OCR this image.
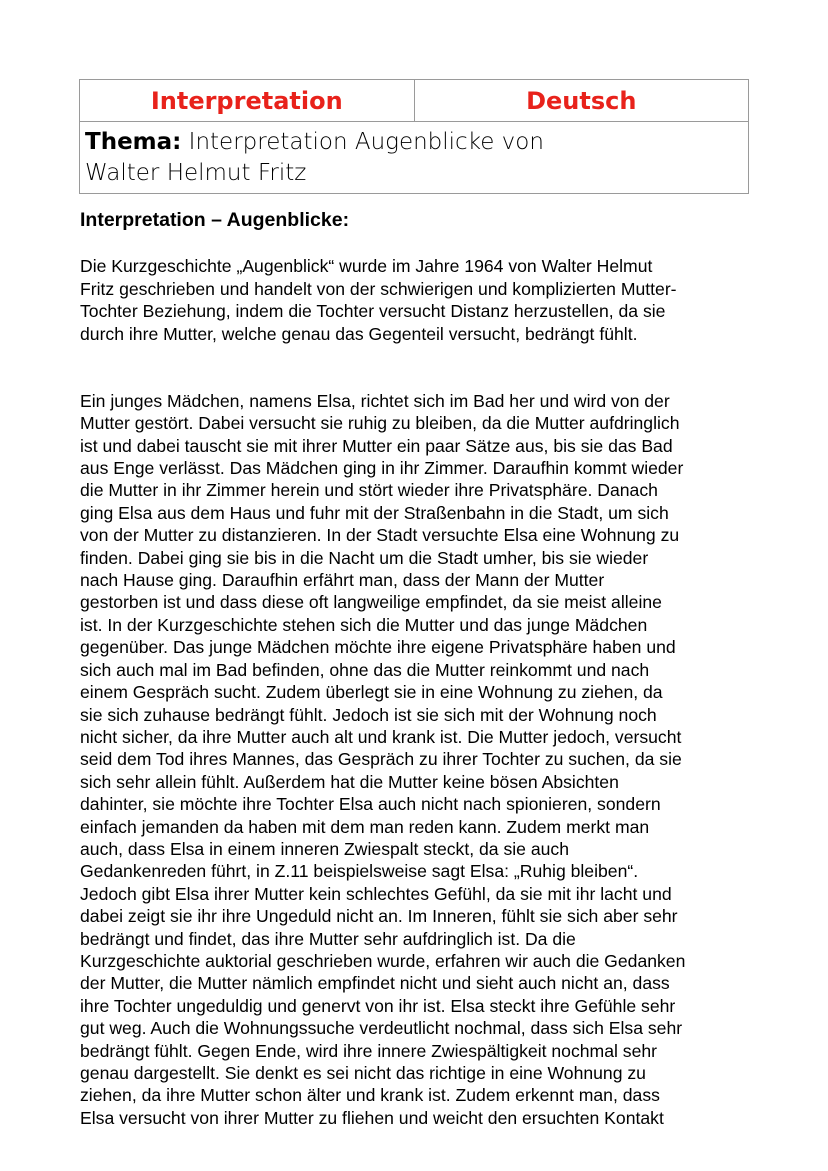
Interpretation	Deutsch
Thema: Interpretation Augenblicke von
Walter Helmut Fritz
Interpretation – Augenblicke:

Die Kurzgeschichte „Augenblick“ wurde im Jahre 1964 von Walter Helmut
Fritz geschrieben und handelt von der schwierigen und komplizierten Mutter-
Tochter Beziehung, indem die Tochter versucht Distanz herzustellen, da sie
durch ihre Mutter, welche genau das Gegenteil versucht, bedrängt fühlt.

Ein junges Mädchen, namens Elsa, richtet sich im Bad her und wird von der
Mutter gestört. Dabei versucht sie ruhig zu bleiben, da die Mutter aufdringlich
ist und dabei tauscht sie mit ihrer Mutter ein paar Sätze aus, bis sie das Bad
aus Enge verlässt. Das Mädchen ging in ihr Zimmer. Daraufhin kommt wieder
die Mutter in ihr Zimmer herein und stört wieder ihre Privatsphäre. Danach
ging Elsa aus dem Haus und fuhr mit der Straßenbahn in die Stadt, um sich
von der Mutter zu distanzieren. In der Stadt versuchte Elsa eine Wohnung zu
finden. Dabei ging sie bis in die Nacht um die Stadt umher, bis sie wieder
nach Hause ging. Daraufhin erfährt man, dass der Mann der Mutter
gestorben ist und dass diese oft langweilige empfindet, da sie meist alleine
ist. In der Kurzgeschichte stehen sich die Mutter und das junge Mädchen
gegenüber. Das junge Mädchen möchte ihre eigene Privatsphäre haben und
sich auch mal im Bad befinden, ohne das die Mutter reinkommt und nach
einem Gespräch sucht. Zudem überlegt sie in eine Wohnung zu ziehen, da
sie sich zuhause bedrängt fühlt. Jedoch ist sie sich mit der Wohnung noch
nicht sicher, da ihre Mutter auch alt und krank ist. Die Mutter jedoch, versucht
seid dem Tod ihres Mannes, das Gespräch zu ihrer Tochter zu suchen, da sie
sich sehr allein fühlt. Außerdem hat die Mutter keine bösen Absichten
dahinter, sie möchte ihre Tochter Elsa auch nicht nach spionieren, sondern
einfach jemanden da haben mit dem man reden kann. Zudem merkt man
auch, dass Elsa in einem inneren Zwiespalt steckt, da sie auch
Gedankenreden führt, in Z.11 beispielsweise sagt Elsa: „Ruhig bleiben“.
Jedoch gibt Elsa ihrer Mutter kein schlechtes Gefühl, da sie mit ihr lacht und
dabei zeigt sie ihr ihre Ungeduld nicht an. Im Inneren, fühlt sie sich aber sehr
bedrängt und findet, das ihre Mutter sehr aufdringlich ist. Da die
Kurzgeschichte auktorial geschrieben wurde, erfahren wir auch die Gedanken
der Mutter, die Mutter nämlich empfindet nicht und sieht auch nicht an, dass
ihre Tochter ungeduldig und genervt von ihr ist. Elsa steckt ihre Gefühle sehr
gut weg. Auch die Wohnungssuche verdeutlicht nochmal, dass sich Elsa sehr
bedrängt fühlt. Gegen Ende, wird ihre innere Zwiespältigkeit nochmal sehr
genau dargestellt. Sie denkt es sei nicht das richtige in eine Wohnung zu
ziehen, da ihre Mutter schon älter und krank ist. Zudem erkennt man, dass
Elsa versucht von ihrer Mutter zu fliehen und weicht den ersuchten Kontakt
